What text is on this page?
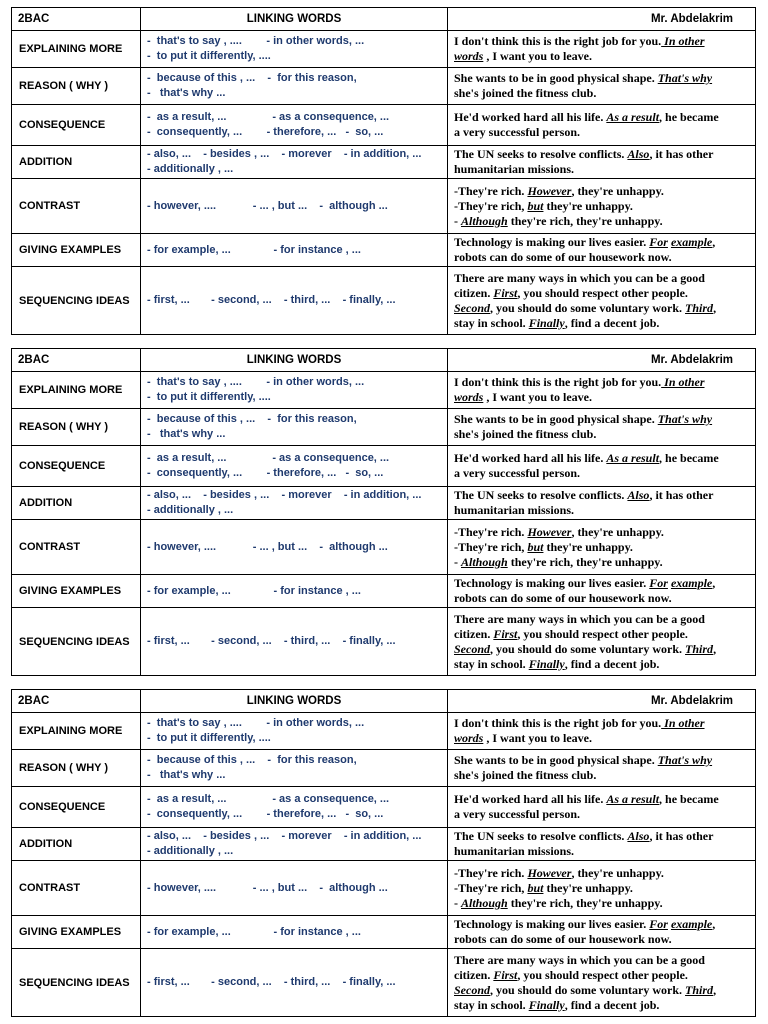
2BAC	LINKING WORDS	Mr. Abdelakrim
EXPLAINING MORE	-  that's to say , ....        - in other words, ...
-  to put it differently, ....	I don't think this is the right job for you. In other
words , I want you to leave.

REASON ( WHY )	-  because of this , ...    -  for this reason,
-   that's why ...	She wants to be in good physical shape. That's why
she's joined the fitness club.

CONSEQUENCE	-  as a result, ...               - as a consequence, ...
-  consequently, ...        - therefore, ...   -  so, ...	He'd worked hard all his life. As a result, he became
a very successful person.

ADDITION	- also, ...    - besides , ...    - morever    - in addition, ...
- additionally , ...	The UN seeks to resolve conflicts. Also, it has other
humanitarian missions.

CONTRAST	- however, ....            - ... , but ...    -  although ...	-They're rich. However, they're unhappy.
-They're rich, but they're unhappy.
- Although they're rich, they're unhappy.

GIVING EXAMPLES	- for example, ...              - for instance , ...	Technology is making our lives easier. For example,
robots can do some of our housework now.

SEQUENCING IDEAS	- first, ...       - second, ...    - third, ...    - finally, ...	There are many ways in which you can be a good
citizen. First, you should respect other people.
Second, you should do some voluntary work. Third,
stay in school. Finally, find a decent job.
2BAC	LINKING WORDS	Mr. Abdelakrim
EXPLAINING MORE	-  that's to say , ....        - in other words, ...
-  to put it differently, ....	I don't think this is the right job for you. In other
words , I want you to leave.

REASON ( WHY )	-  because of this , ...    -  for this reason,
-   that's why ...	She wants to be in good physical shape. That's why
she's joined the fitness club.

CONSEQUENCE	-  as a result, ...               - as a consequence, ...
-  consequently, ...        - therefore, ...   -  so, ...	He'd worked hard all his life. As a result, he became
a very successful person.

ADDITION	- also, ...    - besides , ...    - morever    - in addition, ...
- additionally , ...	The UN seeks to resolve conflicts. Also, it has other
humanitarian missions.

CONTRAST	- however, ....            - ... , but ...    -  although ...	-They're rich. However, they're unhappy.
-They're rich, but they're unhappy.
- Although they're rich, they're unhappy.

GIVING EXAMPLES	- for example, ...              - for instance , ...	Technology is making our lives easier. For example,
robots can do some of our housework now.

SEQUENCING IDEAS	- first, ...       - second, ...    - third, ...    - finally, ...	There are many ways in which you can be a good
citizen. First, you should respect other people.
Second, you should do some voluntary work. Third,
stay in school. Finally, find a decent job.
2BAC	LINKING WORDS	Mr. Abdelakrim
EXPLAINING MORE	-  that's to say , ....        - in other words, ...
-  to put it differently, ....	I don't think this is the right job for you. In other
words , I want you to leave.

REASON ( WHY )	-  because of this , ...    -  for this reason,
-   that's why ...	She wants to be in good physical shape. That's why
she's joined the fitness club.

CONSEQUENCE	-  as a result, ...               - as a consequence, ...
-  consequently, ...        - therefore, ...   -  so, ...	He'd worked hard all his life. As a result, he became
a very successful person.

ADDITION	- also, ...    - besides , ...    - morever    - in addition, ...
- additionally , ...	The UN seeks to resolve conflicts. Also, it has other
humanitarian missions.

CONTRAST	- however, ....            - ... , but ...    -  although ...	-They're rich. However, they're unhappy.
-They're rich, but they're unhappy.
- Although they're rich, they're unhappy.

GIVING EXAMPLES	- for example, ...              - for instance , ...	Technology is making our lives easier. For example,
robots can do some of our housework now.

SEQUENCING IDEAS	- first, ...       - second, ...    - third, ...    - finally, ...	There are many ways in which you can be a good
citizen. First, you should respect other people.
Second, you should do some voluntary work. Third,
stay in school. Finally, find a decent job.
